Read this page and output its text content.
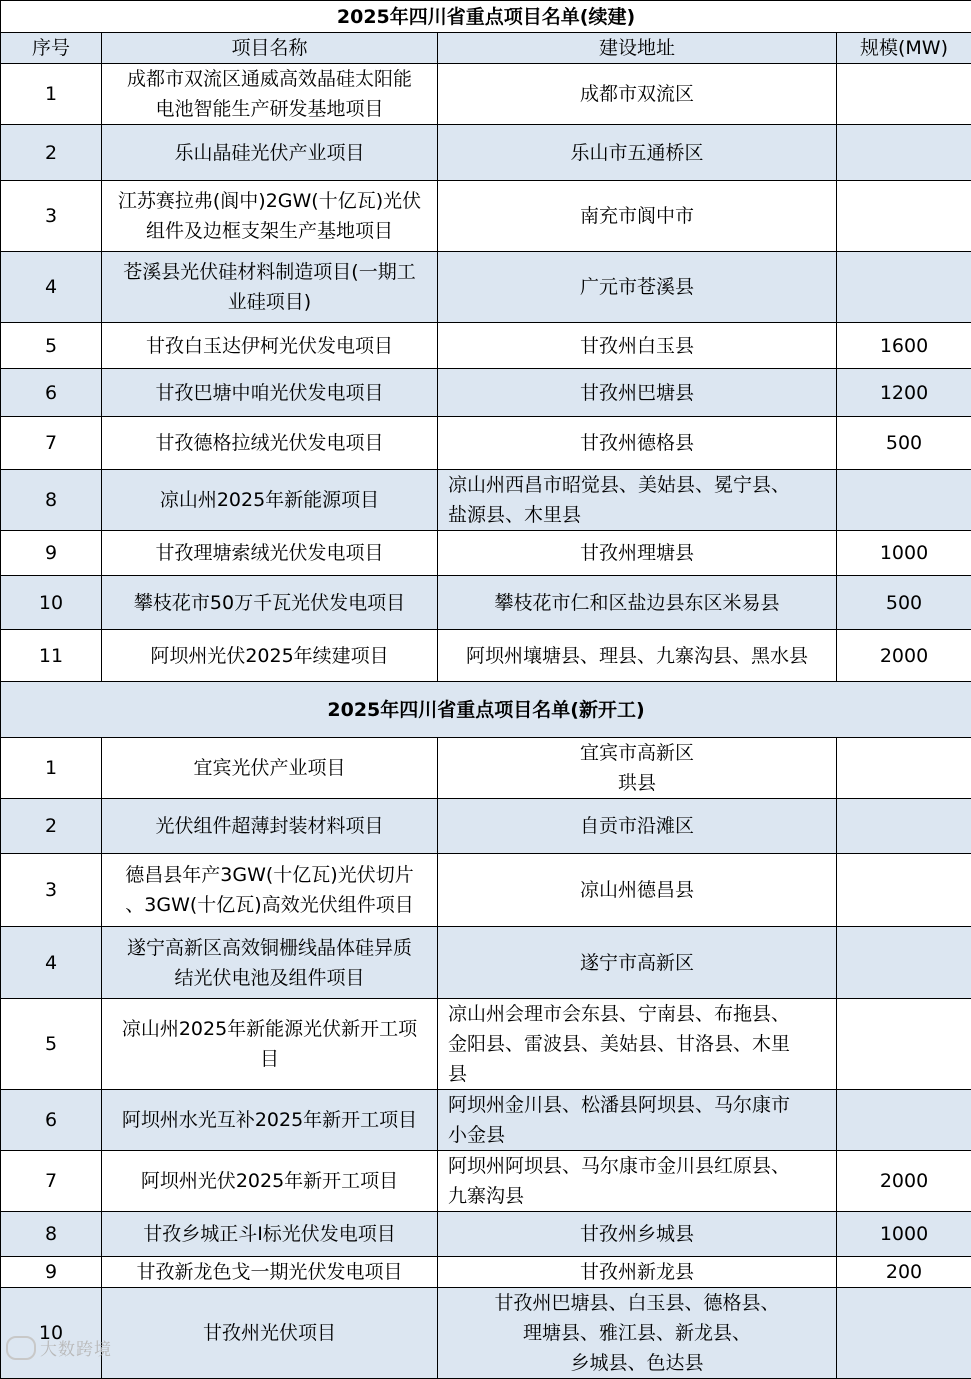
2025年四川省重点项目名单(续建)			
序号	项目名称	建设地址	规模(MW)
1	成都市双流区通威高效晶硅太阳能
电池智能生产研发基地项目	成都市双流区	

2	乐山晶硅光伏产业项目	乐山市五通桥区	

3	江苏赛拉弗(阆中)2GW(十亿瓦)光伏
组件及边框支架生产基地项目	南充市阆中市	

4	苍溪县光伏硅材料制造项目(一期工
业硅项目)	广元市苍溪县	

5	甘孜白玉达伊柯光伏发电项目	甘孜州白玉县	1600
6	甘孜巴塘中咱光伏发电项目	甘孜州巴塘县	1200
7	甘孜德格拉绒光伏发电项目	甘孜州德格县	500
8	凉山州2025年新能源项目	凉山州西昌市昭觉县、美姑县、冕宁县、
盐源县、木里县	

9	甘孜理塘索绒光伏发电项目	甘孜州理塘县	1000
10	攀枝花市50万千瓦光伏发电项目	攀枝花市仁和区盐边县东区米易县	500
11	阿坝州光伏2025年续建项目	阿坝州壤塘县、理县、九寨沟县、黑水县	2000
2025年四川省重点项目名单(新开工)			
1	宜宾光伏产业项目	宜宾市高新区
珙县	

2	光伏组件超薄封装材料项目	自贡市沿滩区	

3	德昌县年产3GW(十亿瓦)光伏切片
、3GW(十亿瓦)高效光伏组件项目	凉山州德昌县	

4	遂宁高新区高效铜栅线晶体硅异质
结光伏电池及组件项目	遂宁市高新区	

5	凉山州2025年新能源光伏新开工项
目	凉山州会理市会东县、宁南县、布拖县、
金阳县、雷波县、美姑县、甘洛县、木里
县	

6	阿坝州水光互补2025年新开工项目	阿坝州金川县、松潘县阿坝县、马尔康市
小金县	

7	阿坝州光伏2025年新开工项目	阿坝州阿坝县、马尔康市金川县红原县、
九寨沟县	2000
8	甘孜乡城正斗I标光伏发电项目	甘孜州乡城县	1000
9	甘孜新龙色戈一期光伏发电项目	甘孜州新龙县	200
10	甘孜州光伏项目	甘孜州巴塘县、白玉县、德格县、
理塘县、雅江县、新龙县、
乡城县、色达县	

大数跨境
